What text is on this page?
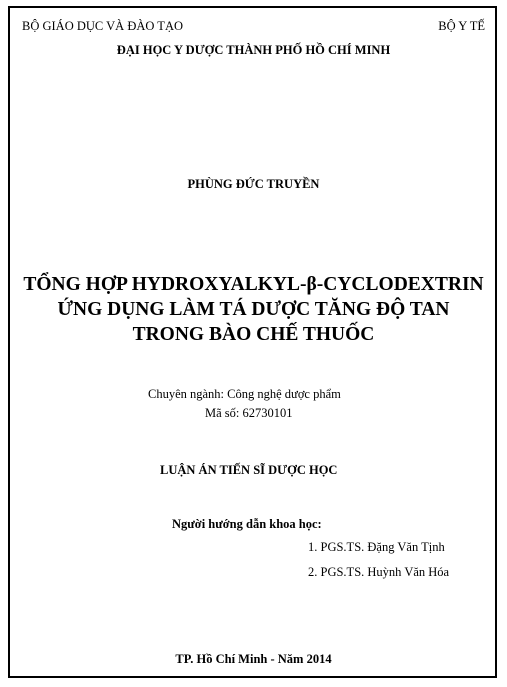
BỘ GIÁO DỤC VÀ ĐÀO TẠO	BỘ Y TẾ
ĐẠI HỌC Y DƯỢC THÀNH PHỐ HỒ CHÍ MINH
PHÙNG ĐỨC TRUYỀN
TỔNG HỢP HYDROXYALKYL-β-CYCLODEXTRIN
ỨNG DỤNG LÀM TÁ DƯỢC TĂNG ĐỘ TAN
TRONG BÀO CHẾ THUỐC
Chuyên ngành: Công nghệ dược phẩm
Mã số: 62730101
LUẬN ÁN TIẾN SĨ DƯỢC HỌC
Người hướng dẫn khoa học:
1. PGS.TS. Đặng Văn Tịnh
2. PGS.TS. Huỳnh Văn Hóa
TP. Hồ Chí Minh - Năm 2014
